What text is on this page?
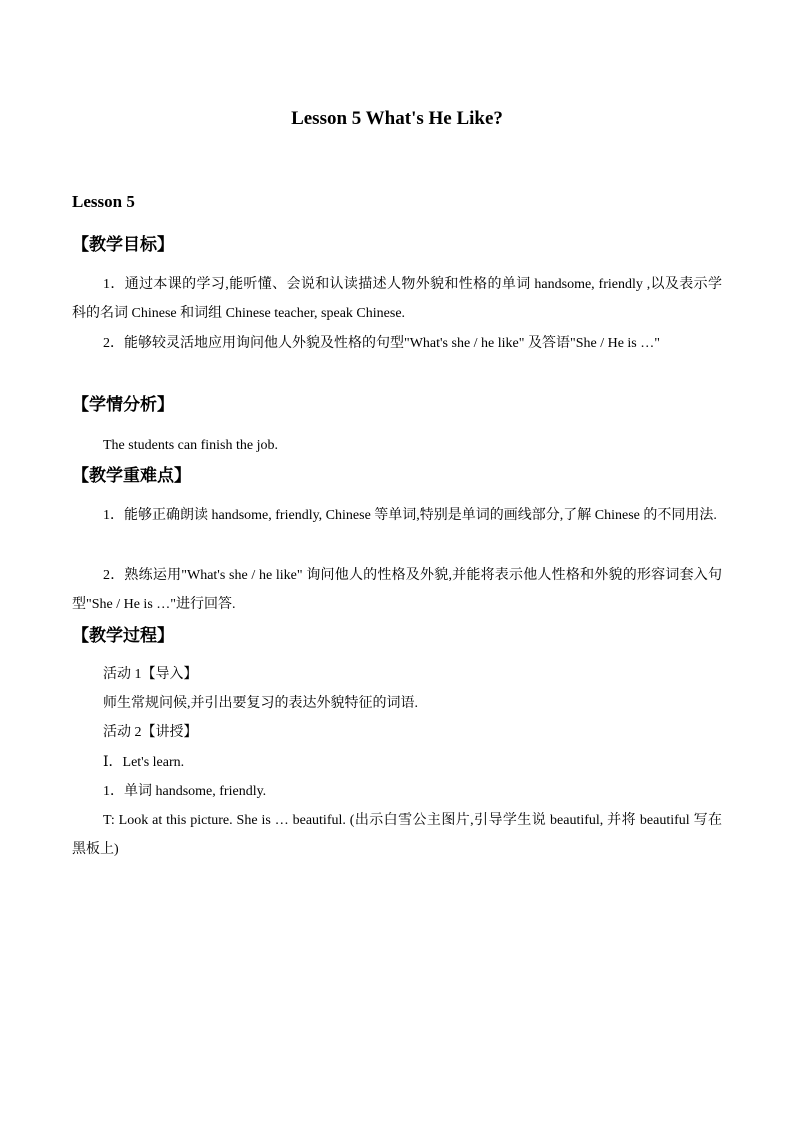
Lesson 5 What's He Like?
Lesson 5
【教学目标】

1．通过本课的学习,能听懂、会说和认读描述人物外貌和性格的单词 handsome, friendly ,以及表示学科的名词 Chinese 和词组 Chinese teacher, speak Chinese.

2．能够较灵活地应用询问他人外貌及性格的句型"What's she / he like" 及答语"She / He is …"

【学情分析】

The students can finish the job.

【教学重难点】

1．能够正确朗读 handsome, friendly, Chinese 等单词,特别是单词的画线部分,了解 Chinese 的不同用法.

2．熟练运用"What's she / he like" 询问他人的性格及外貌,并能将表示他人性格和外貌的形容词套入句型"She / He is …"进行回答.

【教学过程】

活动 1【导入】

师生常规问候,并引出要复习的表达外貌特征的词语.

活动 2【讲授】

Ⅰ．Let's learn.

1．单词 handsome, friendly.

T: Look at this picture. She is … beautiful. (出示白雪公主图片,引导学生说 beautiful, 并将 beautiful 写在黑板上)
